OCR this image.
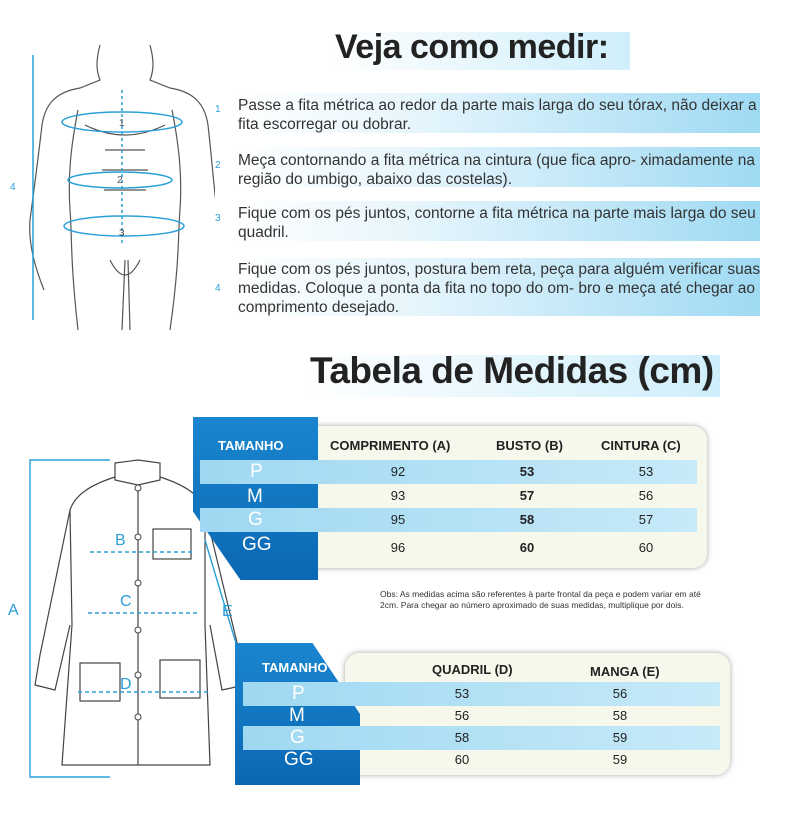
1
2
3
4
Veja como medir:
1 Passe a fita métrica ao redor da parte mais larga do seu tórax, não deixar a fita escorregar ou dobrar.
2 Meça contornando a fita métrica na cintura (que fica apro- ximadamente na região do umbigo, abaixo das costelas).
3 Fique com os pés juntos, contorne a fita métrica na parte mais larga do seu quadril.
4
Fique com os pés juntos, postura bem reta, peça para alguém verificar suas medidas. Coloque a ponta da fita no topo do om- bro e meça até chegar ao comprimento desejado.
Tabela de Medidas (cm)
A
B
C
D
E
TAMANHO	COMPRIMENTO (A)	BUSTO (B)	CINTURA (C)
P	92	53	53
M	93	57	56
G	95	58	57
GG	96	60	60
Obs: As medidas acima são referentes à parte frontal da peça e podem variar em até 2cm. Para chegar ao número aproximado de suas medidas, multiplique por dois.
TAMANHO	QUADRIL (D)	MANGA (E)
P	53	56
M	56	58
G	58	59
GG	60	59
